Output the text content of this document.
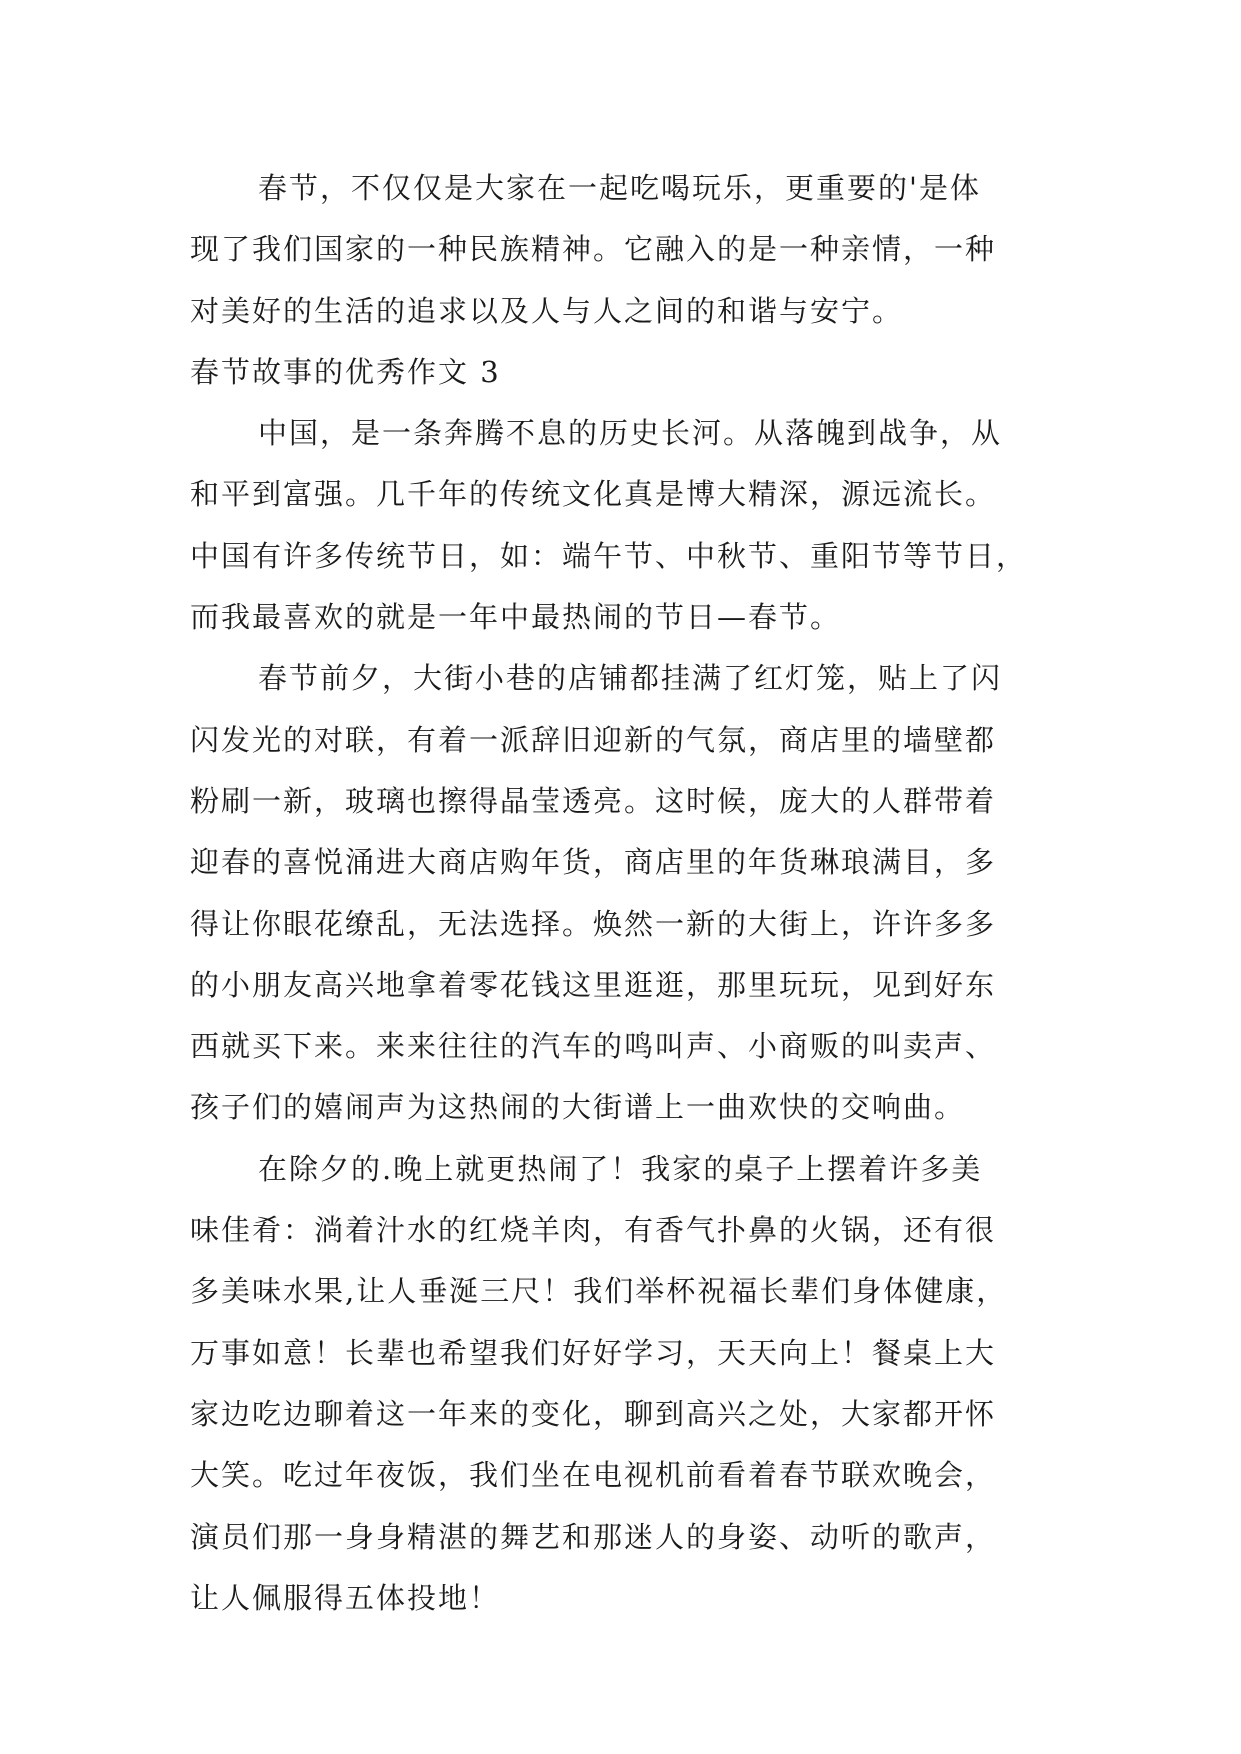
春节，不仅仅是大家在一起吃喝玩乐，更重要的'是体
现了我们国家的一种民族精神。它融入的是一种亲情，一种
对美好的生活的追求以及人与人之间的和谐与安宁。
春节故事的优秀作文 3
中国，是一条奔腾不息的历史长河。从落魄到战争，从
和平到富强。几千年的传统文化真是博大精深，源远流长。
中国有许多传统节日，如：端午节、中秋节、重阳节等节日，
而我最喜欢的就是一年中最热闹的节日—春节。
春节前夕，大街小巷的店铺都挂满了红灯笼，贴上了闪
闪发光的对联，有着一派辞旧迎新的气氛，商店里的墙壁都
粉刷一新，玻璃也擦得晶莹透亮。这时候，庞大的人群带着
迎春的喜悦涌进大商店购年货，商店里的年货琳琅满目，多
得让你眼花缭乱，无法选择。焕然一新的大街上，许许多多
的小朋友高兴地拿着零花钱这里逛逛，那里玩玩，见到好东
西就买下来。来来往往的汽车的鸣叫声、小商贩的叫卖声、
孩子们的嬉闹声为这热闹的大街谱上一曲欢快的交响曲。
在除夕的.晚上就更热闹了！我家的桌子上摆着许多美
味佳肴：淌着汁水的红烧羊肉，有香气扑鼻的火锅，还有很
多美味水果,让人垂涎三尺！我们举杯祝福长辈们身体健康，
万事如意！长辈也希望我们好好学习，天天向上！餐桌上大
家边吃边聊着这一年来的变化，聊到高兴之处，大家都开怀
大笑。吃过年夜饭，我们坐在电视机前看着春节联欢晚会，
演员们那一身身精湛的舞艺和那迷人的身姿、动听的歌声，
让人佩服得五体投地！
